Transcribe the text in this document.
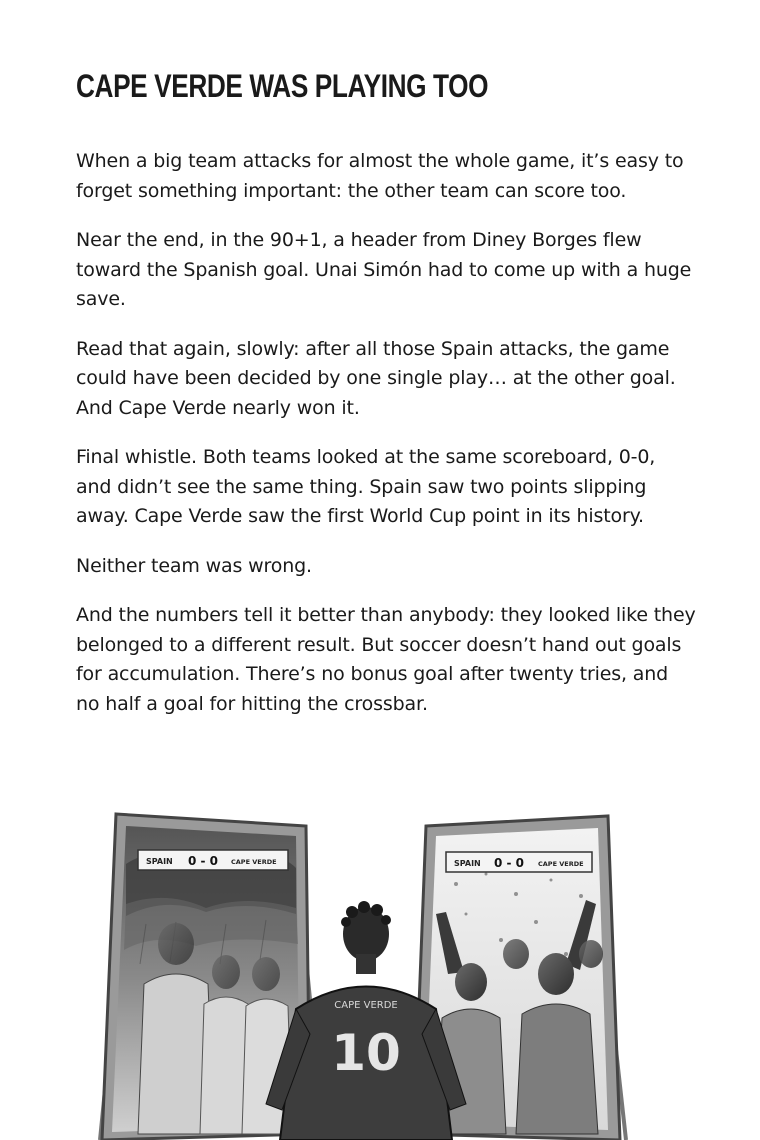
CAPE VERDE WAS PLAYING TOO

When a big team attacks for almost the whole game, it’s easy to forget something important: the other team can score too.

Near the end, in the 90+1, a header from Diney Borges flew toward the Spanish goal. Unai Simón had to come up with a huge save.

Read that again, slowly: after all those Spain attacks, the game could have been decided by one single play… at the other goal. And Cape Verde nearly won it.

Final whistle. Both teams looked at the same scoreboard, 0-0, and didn’t see the same thing. Spain saw two points slipping away. Cape Verde saw the first World Cup point in its history.

Neither team was wrong.

And the numbers tell it better than anybody: they looked like they belonged to a different result. But soccer doesn’t hand out goals for accumulation. There’s no bonus goal after twenty tries, and no half a goal for hitting the crossbar.

SPAIN 0 - 0 CAPE VERDE	SPAIN 0 - 0 CAPE VERDE
CAPE VERDE
10
